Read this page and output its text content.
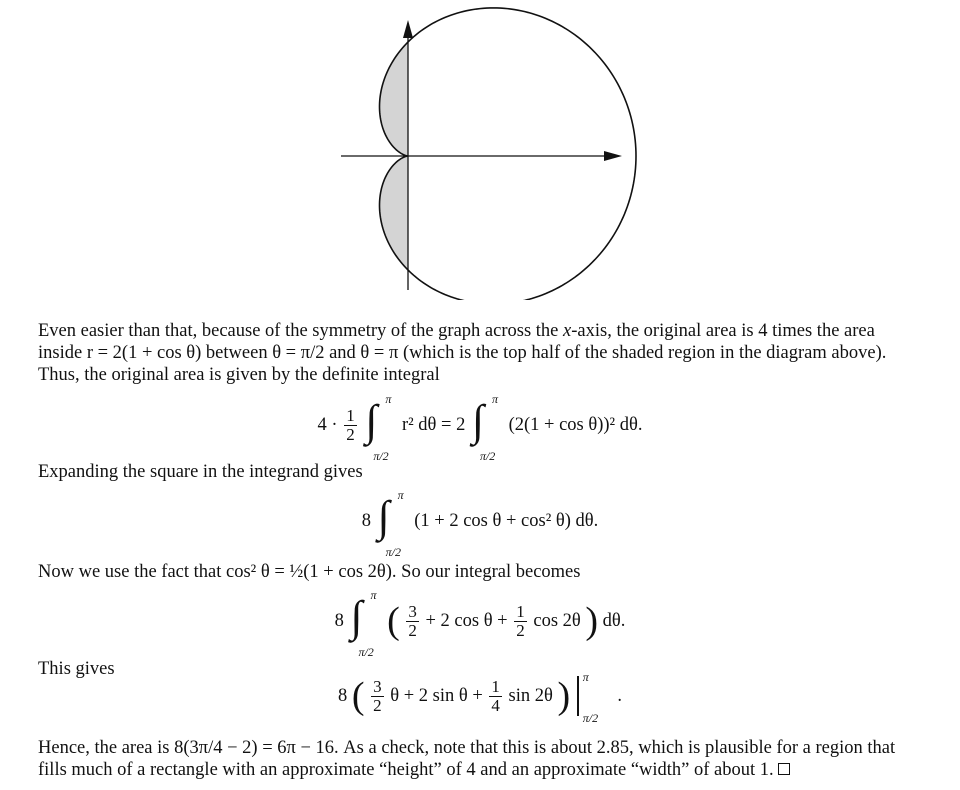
Even easier than that, because of the symmetry of the graph across the x-axis, the original area is 4 times the area
inside r = 2(1 + cos θ) between θ = π/2 and θ = π (which is the top half of the shaded region in the diagram above).
Thus, the original area is given by the definite integral
$4 \cdot \frac{1}{2}$
∫ π
π/2
r² dθ = 2 ∫ π
π/2
(2(1 + cos θ))² dθ.
Expanding the square in the integrand gives
8 ∫ π
π/2
(1 + 2 cos θ + cos² θ) dθ.
Now we use the fact that cos² θ = ½(1 + cos 2θ). So our integral becomes
8 ∫ π
π/2
( $\frac{3}{2} + 2$ $\cos \theta + \frac{1}{2}$ cos 2θ ) dθ.
This gives
8 ( $\frac{3}{2}$ θ + 2 $\sin \theta + \frac{1}{4}$ sin 2θ ) π
π/2
.
Hence, the area is 8(3π/4 − 2) = 6π − 16. As a check, note that this is about 2.85, which is plausible for a region that
fills much of a rectangle with an approximate “height” of 4 and an approximate “width” of about 1.
